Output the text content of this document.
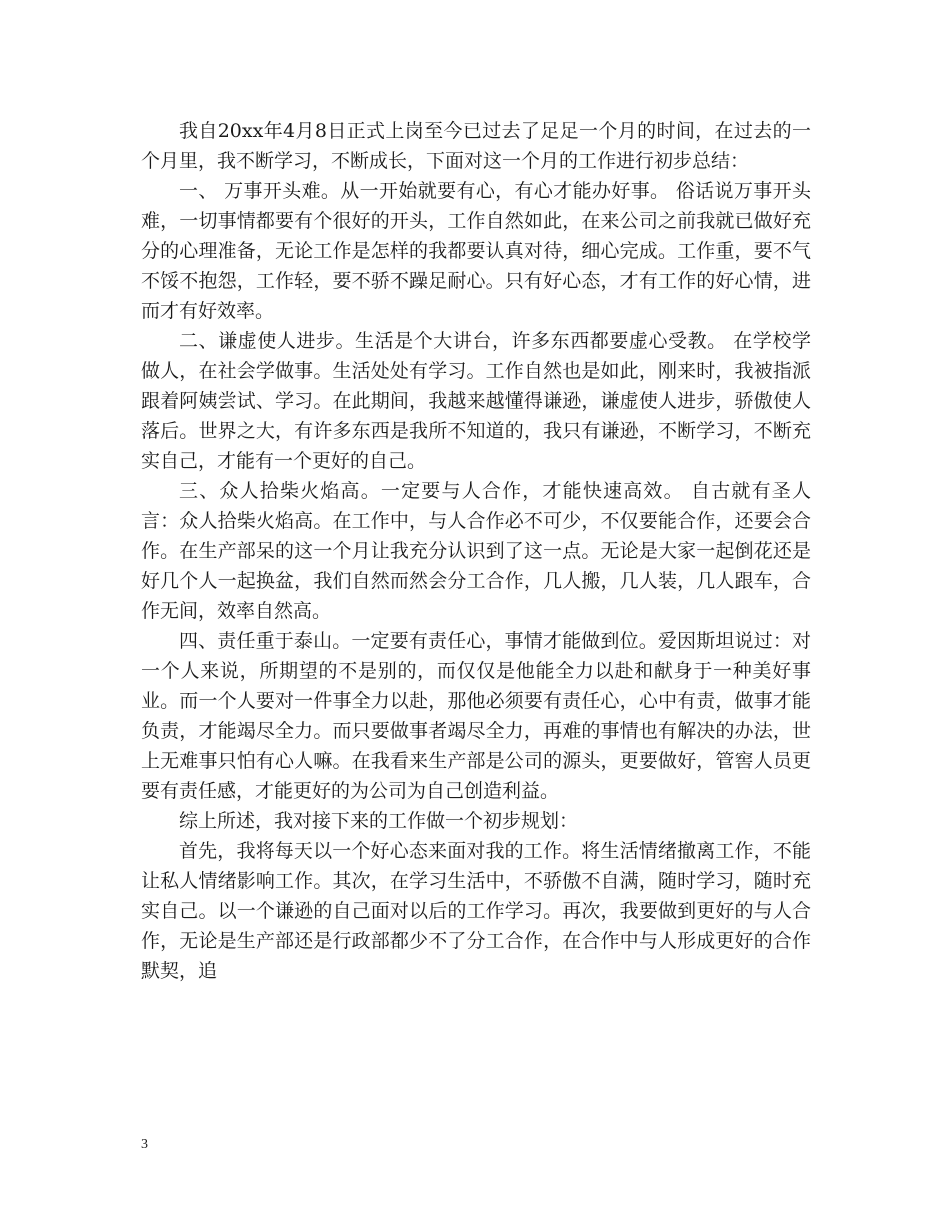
我自20xx年4月8日正式上岗至今已过去了足足一个月的时间，在过去的一个月里，我不断学习，不断成长，下面对这一个月的工作进行初步总结：

一、 万事开头难。从一开始就要有心，有心才能办好事。 俗话说万事开头难，一切事情都要有个很好的开头，工作自然如此，在来公司之前我就已做好充分的心理准备，无论工作是怎样的我都要认真对待，细心完成。工作重，要不气不馁不抱怨，工作轻，要不骄不躁足耐心。只有好心态，才有工作的好心情，进而才有好效率。

二、谦虚使人进步。生活是个大讲台，许多东西都要虚心受教。 在学校学做人，在社会学做事。生活处处有学习。工作自然也是如此，刚来时，我被指派跟着阿姨尝试、学习。在此期间，我越来越懂得谦逊，谦虚使人进步，骄傲使人落后。世界之大，有许多东西是我所不知道的，我只有谦逊，不断学习，不断充实自己，才能有一个更好的自己。

三、众人拾柴火焰高。一定要与人合作，才能快速高效。 自古就有圣人言：众人拾柴火焰高。在工作中，与人合作必不可少，不仅要能合作，还要会合作。在生产部呆的这一个月让我充分认识到了这一点。无论是大家一起倒花还是好几个人一起换盆，我们自然而然会分工合作，几人搬，几人装，几人跟车，合作无间，效率自然高。

四、责任重于泰山。一定要有责任心，事情才能做到位。爱因斯坦说过：对一个人来说，所期望的不是别的，而仅仅是他能全力以赴和献身于一种美好事业。而一个人要对一件事全力以赴，那他必须要有责任心，心中有责，做事才能负责，才能竭尽全力。而只要做事者竭尽全力，再难的事情也有解决的办法，世上无难事只怕有心人嘛。在我看来生产部是公司的源头，更要做好，管窖人员更要有责任感，才能更好的为公司为自己创造利益。

综上所述，我对接下来的工作做一个初步规划：

首先，我将每天以一个好心态来面对我的工作。将生活情绪撤离工作，不能让私人情绪影响工作。其次，在学习生活中，不骄傲不自满，随时学习，随时充实自己。以一个谦逊的自己面对以后的工作学习。再次，我要做到更好的与人合作，无论是生产部还是行政部都少不了分工合作，在合作中与人形成更好的合作默契，追

3
